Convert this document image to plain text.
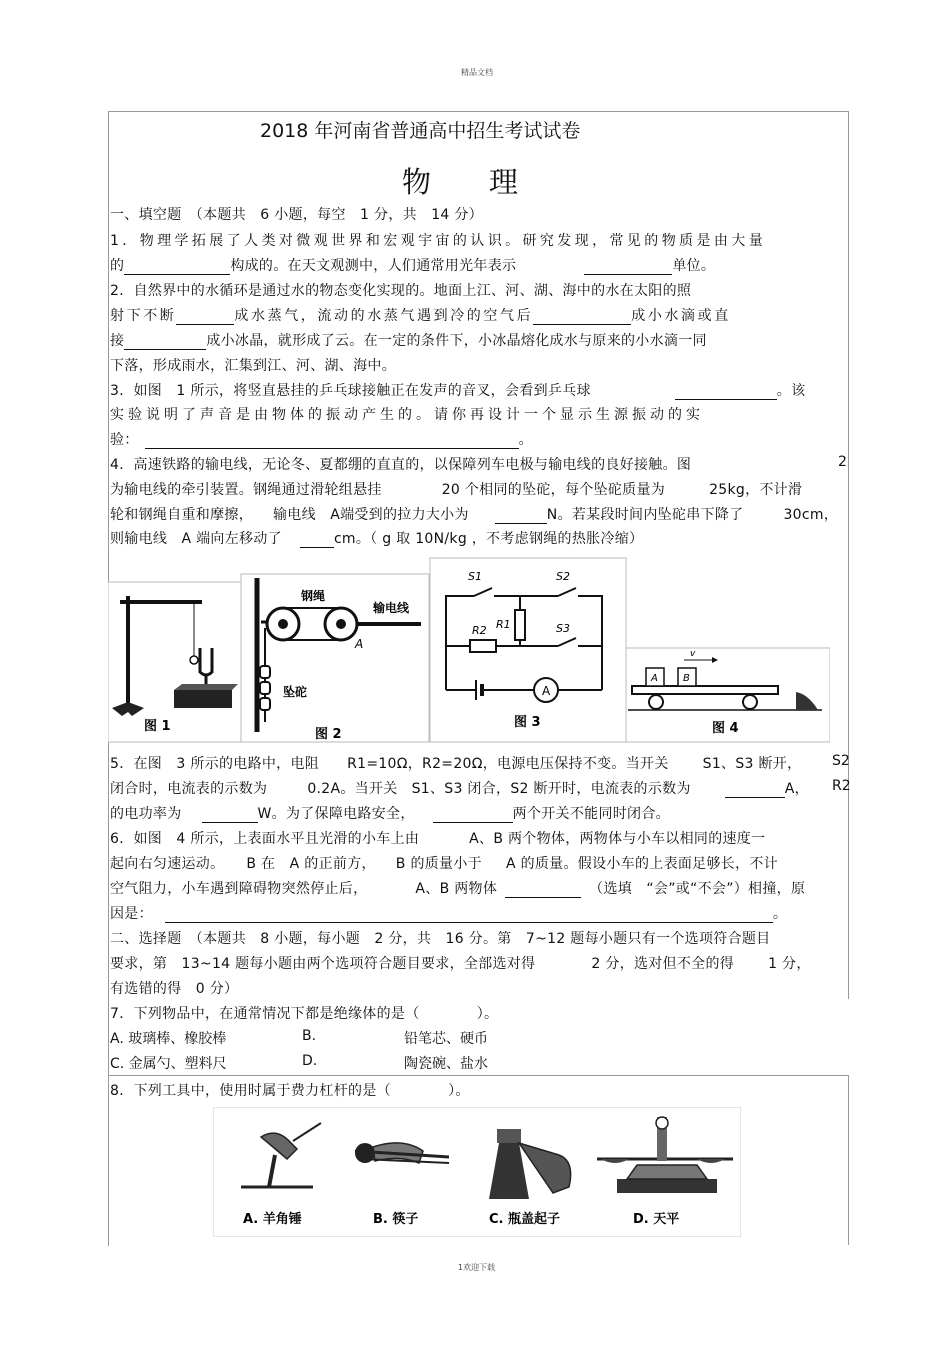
精品文档
1欢迎下载
2018 年河南省普通高中招生考试试卷
物　　理
一、填空题　（本题共　6 小题，每空　1 分，共　14 分）
1．物理学拓展了人类对微观世界和宏观宇宙的认识。研究发现，常见的物质是由大量
的	构成的。在天文观测中，人们通常用光年表示	单位。
2．自然界中的水循环是通过水的物态变化实现的。地面上江、河、湖、海中的水在太阳的照
射下不断	成水蒸气，流动的水蒸气遇到冷的空气后	成小水滴或直
接	成小冰晶，就形成了云。在一定的条件下，小冰晶熔化成水与原来的小水滴一同
下落，形成雨水，汇集到江、河、湖、海中。
3．如图　1 所示，将竖直悬挂的乒乓球接触正在发声的音叉，会看到乒乓球	。该
实验说明了声音是由物体的振动产生的。请你再设计一个显示生源振动的实
验：	。
4．高速铁路的输电线，无论冬、夏都绷的直直的，以保障列车电极与输电线的良好接触。图	2
为输电线的牵引装置。钢绳通过滑轮组悬挂	20 个相同的坠砣，每个坠砣质量为	25kg，不计滑
轮和钢绳自重和摩擦， 输电线　A端受到的拉力大小为	N。若某段时间内坠砣串下降了	30cm，
则输电线　A 端向左移动了	cm。（ g 取 10N/kg ，不考虑钢绳的热胀冷缩）
图 1
钢绳
输电线
A
坠砣
图 2
A
S1	S2
S3
R1
R2
图 3
v
A	B
图 4
5．在图　3 所示的电路中，电阻 R1=10Ω，R2=20Ω，电源电压保持不变。当开关 S1、S3 断开， S2
闭合时，电流表的示数为	0.2A。当开关 S1、S3 闭合，S2 断开时，电流表的示数为	A， R2
的电功率为	W。为了保障电路安全，	两个开关不能同时闭合。
6．如图　4 所示，上表面水平且光滑的小车上由	A、B 两个物体，两物体与小车以相同的速度一
起向右匀速运动。 B 在　A 的正前方， B 的质量小于 A 的质量。假设小车的上表面足够长，不计
空气阻力，小车遇到障碍物突然停止后，	A、B 两物体	（选填　“会”或“不会”）相撞，原
因是：	。
二、选择题　（本题共　8 小题，每小题　2 分，共　16 分。第　7~12 题每小题只有一个选项符合题目
要求，第　13~14 题每小题由两个选项符合题目要求，全部选对得	2 分，选对但不全的得 1 分，
有选错的得　0 分）
7．下列物品中，在通常情况下都是绝缘体的是（　　　　）。
A. 玻璃棒、橡胶棒	B.	铅笔芯、硬币
C. 金属勺、塑料尺	D.	陶瓷碗、盐水
8．下列工具中，使用时属于费力杠杆的是（　　　　）。
A. 羊角锤	B. 筷子	C. 瓶盖起子	D. 天平
